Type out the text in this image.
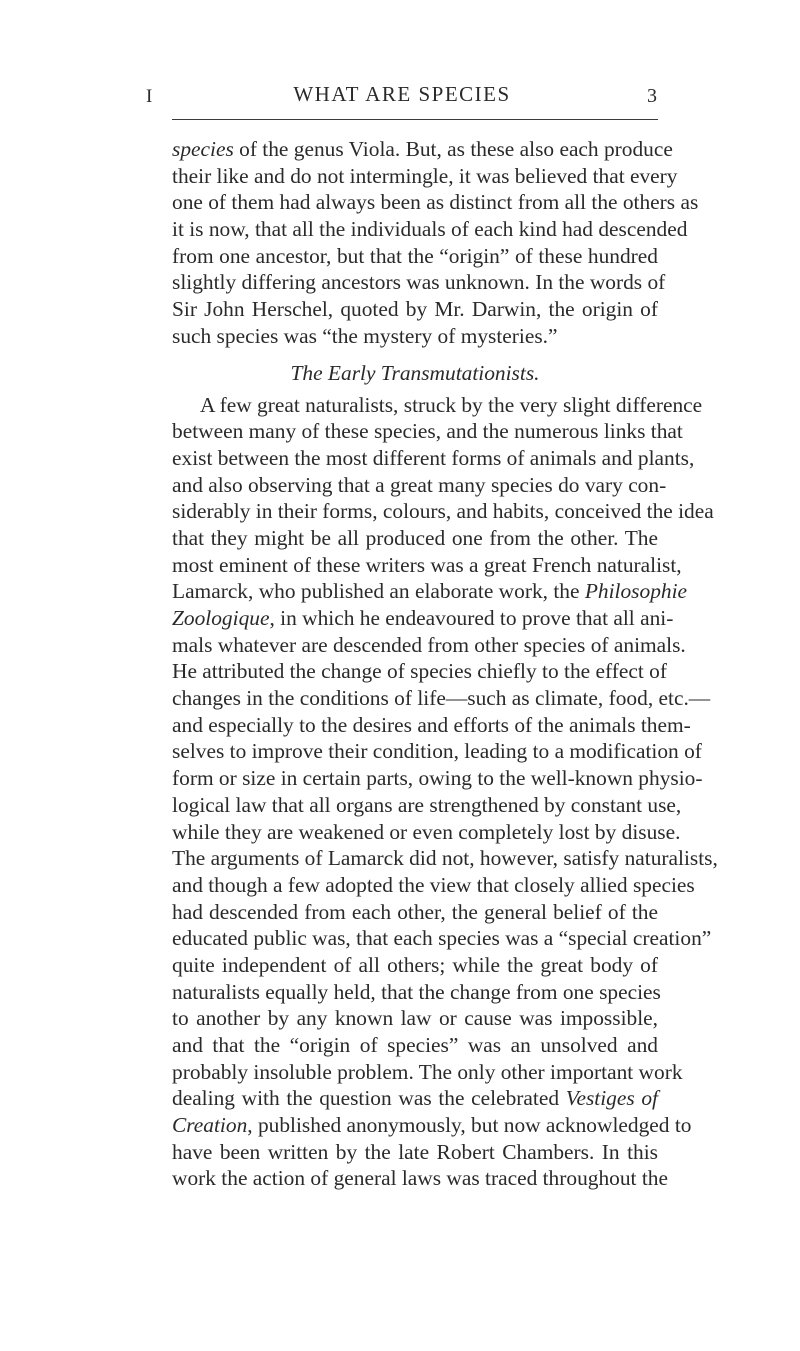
I	WHAT ARE SPECIES	3
species of the genus Viola. But, as these also each produce
their like and do not intermingle, it was believed that every
one of them had always been as distinct from all the others as
it is now, that all the individuals of each kind had descended
from one ancestor, but that the “origin” of these hundred
slightly differing ancestors was unknown. In the words of
Sir John Herschel, quoted by Mr. Darwin, the origin of
such species was “the mystery of mysteries.”
The Early Transmutationists.
A few great naturalists, struck by the very slight difference
between many of these species, and the numerous links that
exist between the most different forms of animals and plants,
and also observing that a great many species do vary con-
siderably in their forms, colours, and habits, conceived the idea
that they might be all produced one from the other. The
most eminent of these writers was a great French naturalist,
Lamarck, who published an elaborate work, the Philosophie
Zoologique, in which he endeavoured to prove that all ani-
mals whatever are descended from other species of animals.
He attributed the change of species chiefly to the effect of
changes in the conditions of life—such as climate, food, etc.—
and especially to the desires and efforts of the animals them-
selves to improve their condition, leading to a modification of
form or size in certain parts, owing to the well-known physio-
logical law that all organs are strengthened by constant use,
while they are weakened or even completely lost by disuse.
The arguments of Lamarck did not, however, satisfy naturalists,
and though a few adopted the view that closely allied species
had descended from each other, the general belief of the
educated public was, that each species was a “special creation”
quite independent of all others; while the great body of
naturalists equally held, that the change from one species
to another by any known law or cause was impossible,
and that the “origin of species” was an unsolved and
probably insoluble problem. The only other important work
dealing with the question was the celebrated Vestiges of
Creation, published anonymously, but now acknowledged to
have been written by the late Robert Chambers. In this
work the action of general laws was traced throughout the
